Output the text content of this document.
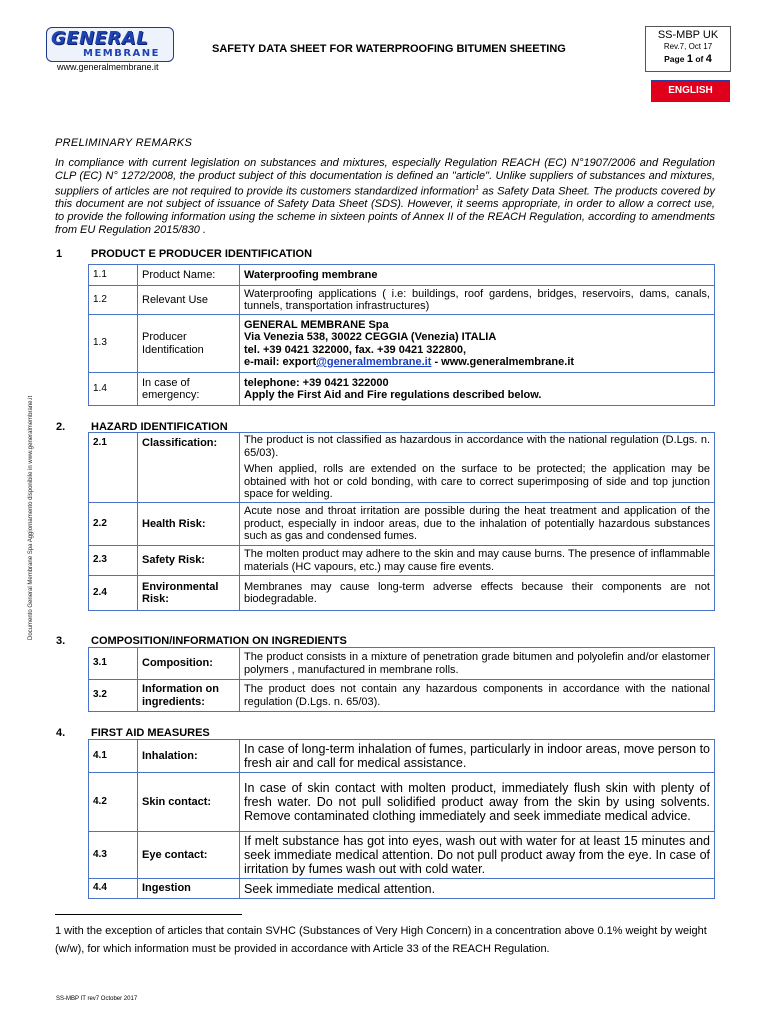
GENERAL
MEMBRANE
www.generalmembrane.it
SAFETY DATA SHEET FOR WATERPROOFING BITUMEN SHEETING
SS-MBP UK
Rev.7, Oct 17
Page 1 of 4
ENGLISH
Documento General Membrane Spa Aggiornamento disponibile in www.generalmembrane.it
PRELIMINARY REMARKS
In compliance with current legislation on substances and mixtures, especially Regulation REACH (EC) N°1907/2006 and Regulation CLP (EC) N° 1272/2008, the product subject of this documentation is defined an "article". Unlike suppliers of substances and mixtures, suppliers of articles are not required to provide its customers standardized information$^1$ as Safety Data Sheet. The products covered by this document are not subject of issuance of Safety Data Sheet (SDS). However, it seems appropriate, in order to allow a correct use, to provide the following information using the scheme in sixteen points of Annex II of the REACH Regulation, according to amendments from EU Regulation 2015/830 .
1	PRODUCT E PRODUCER IDENTIFICATION
1.1	Product Name:	Waterproofing membrane
1.2	Relevant Use	Waterproofing applications ( i.e: buildings, roof gardens, bridges, reservoirs, dams, canals, tunnels, transportation infrastructures)
1.3	Producer Identification	GENERAL MEMBRANE Spa
Via Venezia 538, 30022 CEGGIA (Venezia) ITALIA
tel. +39 0421 322000, fax. +39 0421 322800,
e-mail: export@generalmembrane.it - www.generalmembrane.it

1.4	In case of emergency:	telephone: +39 0421 322000
Apply the First Aid and Fire regulations described below.
2. HAZARD IDENTIFICATION
2.1	Classification:	The product is not classified as hazardous in accordance with the national regulation (D.Lgs. n. 65/03).

When applied, rolls are extended on the surface to be protected; the application may be obtained with hot or cold bonding, with care to correct superimposing of side and top junction space for welding.

2.2	Health Risk:	Acute nose and throat irritation are possible during the heat treatment and application of the product, especially in indoor areas, due to the inhalation of potentially hazardous substances such as gas and condensed fumes.
2.3	Safety Risk:	The molten product may adhere to the skin and may cause burns. The presence of inflammable materials (HC vapours, etc.) may cause fire events.
2.4	Environmental Risk:	Membranes may cause long-term adverse effects because their components are not biodegradable.
3. COMPOSITION/INFORMATION ON INGREDIENTS
3.1	Composition:	The product consists in a mixture of penetration grade bitumen and polyolefin and/or elastomer polymers , manufactured in membrane rolls.
3.2	Information on ingredients:	The product does not contain any hazardous components in accordance with the national regulation (D.Lgs. n. 65/03).
4. FIRST AID MEASURES
4.1	Inhalation:	In case of long-term inhalation of fumes, particularly in indoor areas, move person to fresh air and call for medical assistance.
4.2	Skin contact:	In case of skin contact with molten product, immediately flush skin with plenty of fresh water. Do not pull solidified product away from the skin by using solvents. Remove contaminated clothing immediately and seek immediate medical advice.
4.3	Eye contact:	If melt substance has got into eyes, wash out with water for at least 15 minutes and seek immediate medical attention. Do not pull product away from the eye. In case of irritation by fumes wash out with cold water.
4.4	Ingestion	Seek immediate medical attention.
1 with the exception of articles that contain SVHC (Substances of Very High Concern) in a concentration above 0.1% weight by weight (w/w), for which information must be provided in accordance with Article 33 of the REACH Regulation.
SS-MBP IT rev7 October 2017
